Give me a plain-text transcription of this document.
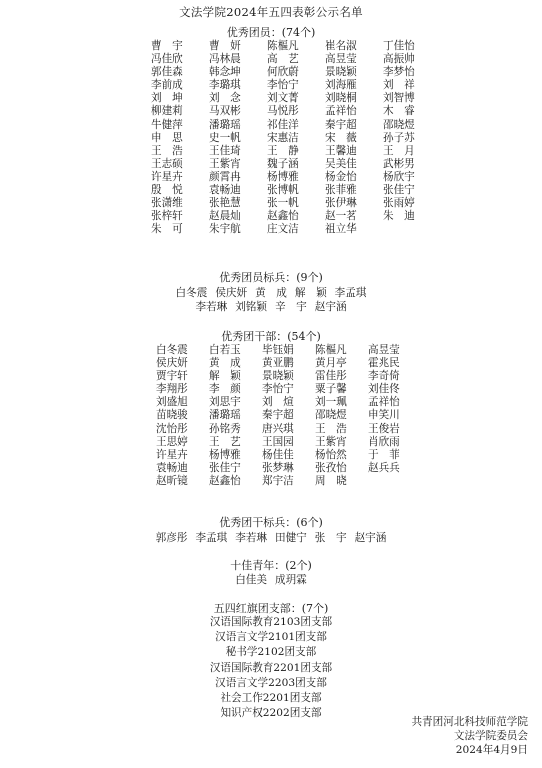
文法学院2024年五四表彰公示名单
优秀团员：(74个)
曹　宇	曹　妍	陈樞凡	崔名淑	丁佳怡
冯佳欣	冯林晨	高　艺	高昱莹	高振帅
郭佳森	韩念坤	何欣蔚	景晓颖	李梦怡
李前成	李璐琪	李怡宁	刘海雁	刘　祥
刘　坤	刘　念	刘文菁	刘晓桐	刘智博
柳建莉	马双彬	马悦彤	孟祥怡	木　睿
牛健萍	潘璐瑶	祁佳洋	秦宇超	邵晓煜
申　思	史一帆	宋惠洁	宋　薇	孙子苏
王　浩	王佳琦	王　静	王馨迪	王　月
王志硕	王紫宵	魏子涵	吴美佳	武彬男
许星卉	颜霄冉	杨博雅	杨金怡	杨欣宇
殷　悦	袁畅迪	张博帆	张菲雅	张佳宁
张潇维	张艳慧	张一帆	张伊琳	张雨婷
张梓轩	赵晨灿	赵鑫怡	赵一茗	朱　迪
朱　可	朱宇航	庄文洁	祖立华
优秀团员标兵：(9个)
白冬震 侯庆妍 黄　成 解　颖 李孟琪
李若琳 刘铭颖 辛　宇 赵宇涵
优秀团干部：(54个)
白冬震	白若玉	毕钰娟	陈樞凡	高昱莹
侯庆妍	黄　成	黄亚鹏	黄月亭	霍兆民
贾宇轩	解　颖	景晓颖	雷佳彤	李奇倚
李翔彤	李　颜	李怡宁	粟子馨	刘佳佟
刘盛旭	刘思宇	刘　煊	刘一珮	孟祥怡
苗晓骏	潘璐瑶	秦宇超	邵晓煜	申笑川
沈怡彤	孙铭秀	唐兴琪	王　浩	王俊岩
王思婷	王　艺	王国园	王紫宵	肖欣雨
许星卉	杨博雅	杨佳佳	杨怡然	于　菲
袁畅迪	张佳宁	张梦琳	张孜怡	赵兵兵
赵昕镜	赵鑫怡	郑宇洁	周　晓
优秀团干标兵：(6个)
郭彦彤 李孟琪 李若琳 田健宁 张　宇 赵宇涵
十佳青年：(2个)
白佳美 成玥霖
五四红旗团支部：(7个)
汉语国际教育2103团支部
汉语言文学2101团支部
秘书学2102团支部
汉语国际教育2201团支部
汉语言文学2203团支部
社会工作2201团支部
知识产权2202团支部
共青团河北科技师范学院
文法学院委员会
2024年4月9日
